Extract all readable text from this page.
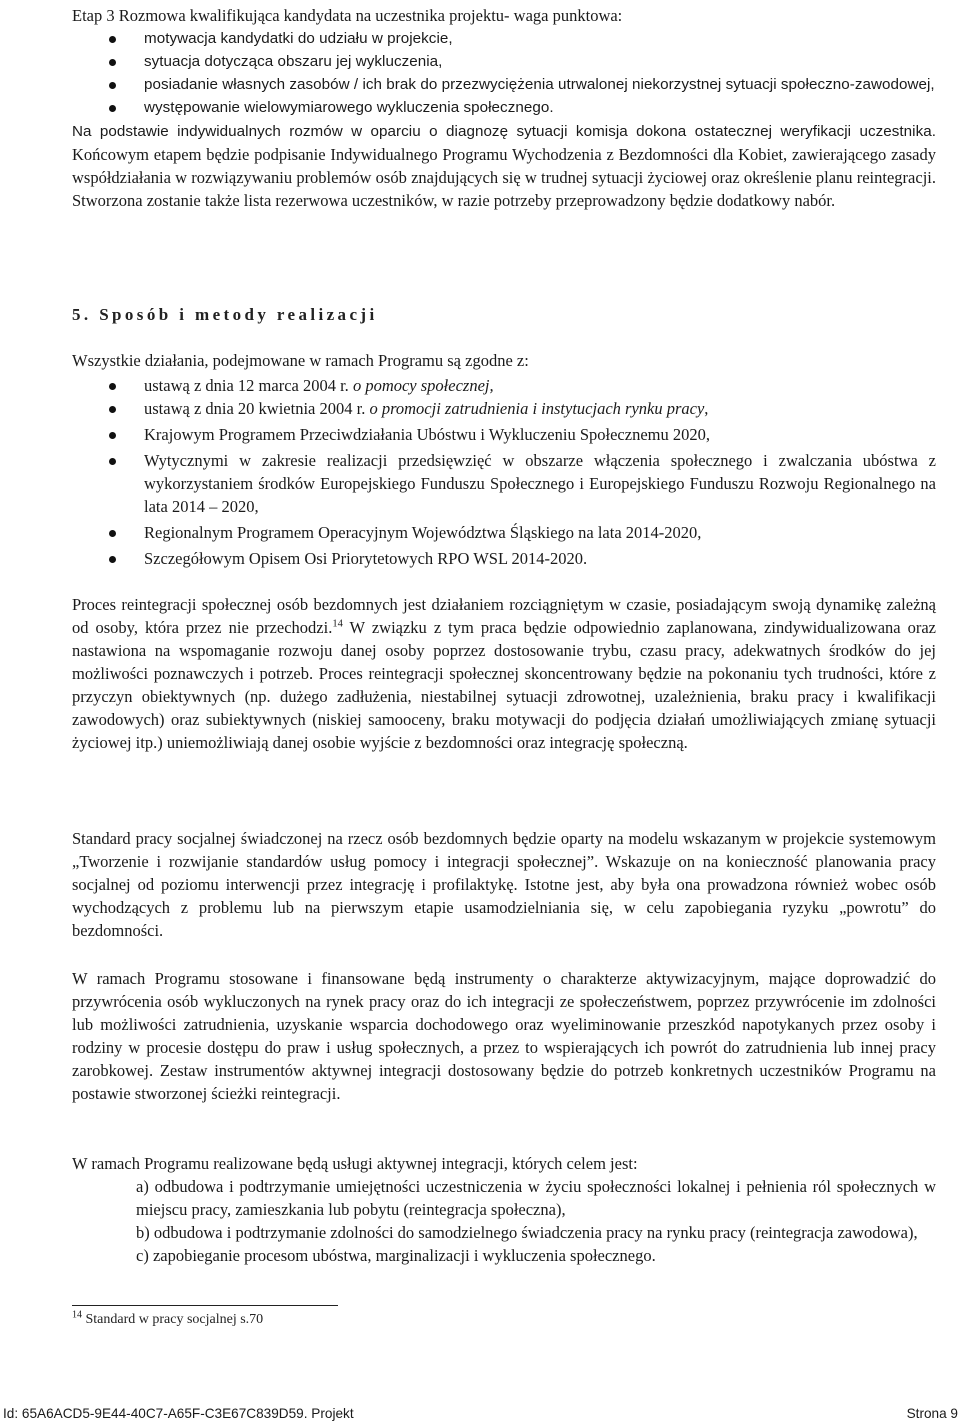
Etap 3 Rozmowa kwalifikująca kandydata na uczestnika projektu- waga punktowa:

motywacja kandydatki do udziału w projekcie,
sytuacja dotycząca obszaru jej wykluczenia,
posiadanie własnych zasobów / ich brak do przezwyciężenia utrwalonej niekorzystnej sytuacji społeczno-zawodowej,
występowanie wielowymiarowego wykluczenia społecznego.

Na podstawie indywidualnych rozmów w oparciu o diagnozę sytuacji komisja dokona ostatecznej weryfikacji uczestnika. Końcowym etapem będzie podpisanie Indywidualnego Programu Wychodzenia z Bezdomności dla Kobiet, zawierającego zasady współdziałania w rozwiązywaniu problemów osób znajdujących się w trudnej sytuacji życiowej oraz określenie planu reintegracji. Stworzona zostanie także lista rezerwowa uczestników, w razie potrzeby przeprowadzony będzie dodatkowy nabór.

5. Sposób i metody realizacji

Wszystkie działania, podejmowane w ramach Programu są zgodne z:

ustawą z dnia 12 marca 2004 r. o pomocy społecznej,
ustawą z dnia 20 kwietnia 2004 r. o promocji zatrudnienia i instytucjach rynku pracy,
Krajowym Programem Przeciwdziałania Ubóstwu i Wykluczeniu Społecznemu 2020,
Wytycznymi w zakresie realizacji przedsięwzięć w obszarze włączenia społecznego i zwalczania ubóstwa z wykorzystaniem środków Europejskiego Funduszu Społecznego i Europejskiego Funduszu Rozwoju Regionalnego na lata 2014 – 2020,
Regionalnym Programem Operacyjnym Województwa Śląskiego na lata 2014-2020,
Szczegółowym Opisem Osi Priorytetowych RPO WSL 2014-2020.

Proces reintegracji społecznej osób bezdomnych jest działaniem rozciągniętym w czasie, posiadającym swoją dynamikę zależną od osoby, która przez nie przechodzi.$^{14}$ W związku z tym praca będzie odpowiednio zaplanowana, zindywidualizowana oraz nastawiona na wspomaganie rozwoju danej osoby poprzez dostosowanie trybu, czasu pracy, adekwatnych środków do jej możliwości poznawczych i potrzeb. Proces reintegracji społecznej skoncentrowany będzie na pokonaniu tych trudności, które z przyczyn obiektywnych (np. dużego zadłużenia, niestabilnej sytuacji zdrowotnej, uzależnienia, braku pracy i kwalifikacji zawodowych) oraz subiektywnych (niskiej samooceny, braku motywacji do podjęcia działań umożliwiających zmianę sytuacji życiowej itp.) uniemożliwiają danej osobie wyjście z bezdomności oraz integrację społeczną.

Standard pracy socjalnej świadczonej na rzecz osób bezdomnych będzie oparty na modelu wskazanym w projekcie systemowym „Tworzenie i rozwijanie standardów usług pomocy i integracji społecznej”. Wskazuje on na konieczność planowania pracy socjalnej od poziomu interwencji przez integrację i profilaktykę. Istotne jest, aby była ona prowadzona również wobec osób wychodzących z problemu lub na pierwszym etapie usamodzielniania się, w celu zapobiegania ryzyku „powrotu” do bezdomności.

W ramach Programu stosowane i finansowane będą instrumenty o charakterze aktywizacyjnym, mające doprowadzić do przywrócenia osób wykluczonych na rynek pracy oraz do ich integracji ze społeczeństwem, poprzez przywrócenie im zdolności lub możliwości zatrudnienia, uzyskanie wsparcia dochodowego oraz wyeliminowanie przeszkód napotykanych przez osoby i rodziny w procesie dostępu do praw i usług społecznych, a przez to wspierających ich powrót do zatrudnienia lub innej pracy zarobkowej. Zestaw instrumentów aktywnej integracji dostosowany będzie do potrzeb konkretnych uczestników Programu na postawie stworzonej ścieżki reintegracji.

W ramach Programu realizowane będą usługi aktywnej integracji, których celem jest:

a) odbudowa i podtrzymanie umiejętności uczestniczenia w życiu społeczności lokalnej i pełnienia ról społecznych w miejscu pracy, zamieszkania lub pobytu (reintegracja społeczna),

b) odbudowa i podtrzymanie zdolności do samodzielnego świadczenia pracy na rynku pracy (reintegracja zawodowa),

c) zapobieganie procesom ubóstwa, marginalizacji i wykluczenia społecznego.

$^{14}$ Standard w pracy socjalnej s.70
Id: 65A6ACD5-9E44-40C7-A65F-C3E67C839D59. Projekt	Strona 9
